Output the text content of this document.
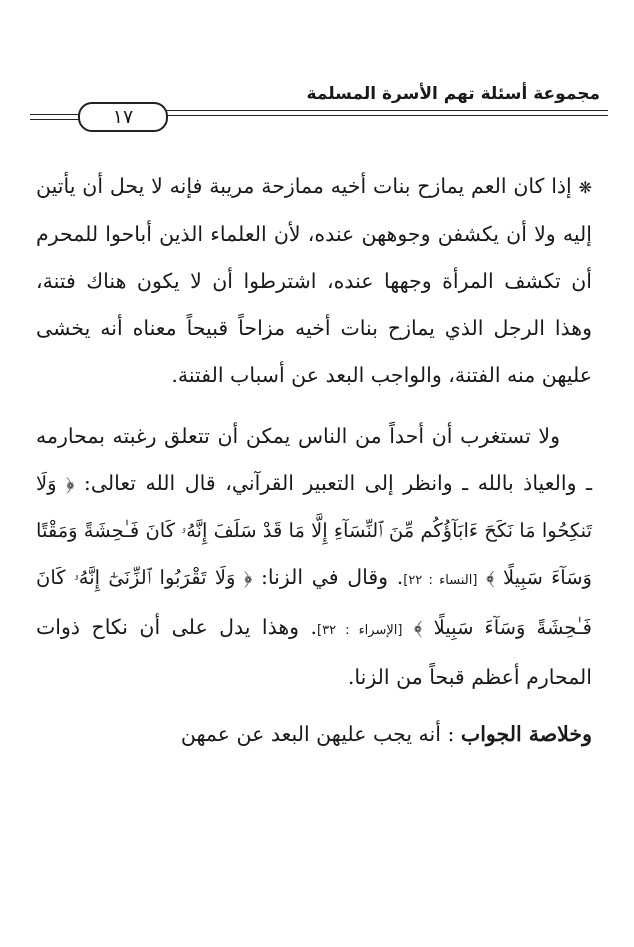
مجموعة أسئلة تهم الأسرة المسلمة
١٧

❋ إذا كان العم يمازح بنات أخيه ممازحة مريبة فإنه لا يحل أن يأتين إليه ولا أن يكشفن وجوههن عنده، لأن العلماء الذين أباحوا للمحرم أن تكشف المرأة وجهها عنده، اشترطوا أن لا يكون هناك فتنة، وهذا الرجل الذي يمازح بنات أخيه مزاحاً قبيحاً معناه أنه يخشى عليهن منه الفتنة، والواجب البعد عن أسباب الفتنة.

ولا تستغرب أن أحداً من الناس يمكن أن تتعلق رغبته بمحارمه ـ والعياذ بالله ـ وانظر إلى التعبير القرآني، قال الله تعالى: ﴿ وَلَا تَنكِحُوا مَا نَكَحَ ءَابَآؤُكُم مِّنَ ٱلنِّسَآءِ إِلَّا مَا قَدْ سَلَفَ إِنَّهُۥ كَانَ فَـٰحِشَةً وَمَقْتًا وَسَآءَ سَبِيلًا ﴾ [النساء : ٢٢]. وقال في الزنا: ﴿ وَلَا تَقْرَبُوا ٱلزِّنَىٰٓ إِنَّهُۥ كَانَ فَـٰحِشَةً وَسَآءَ سَبِيلًا ﴾ [الإسراء : ٣٢]. وهذا يدل على أن نكاح ذوات المحارم أعظم قبحاً من الزنا.

وخلاصة الجواب : أنه يجب عليهن البعد عن عمهن
